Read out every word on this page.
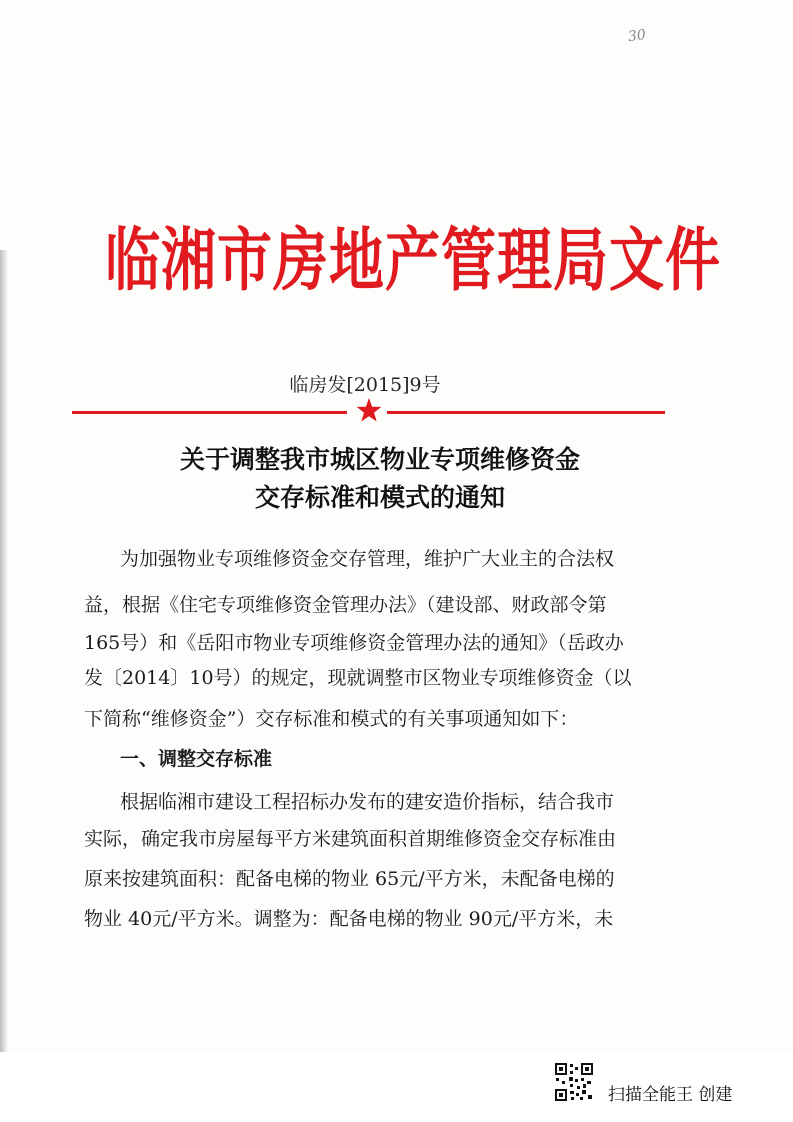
30
临湘市房地产管理局文件
临房发[2015]9号
关于调整我市城区物业专项维修资金
交存标准和模式的通知
为加强物业专项维修资金交存管理，维护广大业主的合法权
益，根据《住宅专项维修资金管理办法》（建设部、财政部令第
165号）和《岳阳市物业专项维修资金管理办法的通知》（岳政办
发〔2014〕10号）的规定，现就调整市区物业专项维修资金（以
下简称“维修资金”）交存标准和模式的有关事项通知如下：
一、调整交存标准
根据临湘市建设工程招标办发布的建安造价指标，结合我市
实际，确定我市房屋每平方米建筑面积首期维修资金交存标准由
原来按建筑面积：配备电梯的物业 65元/平方米，未配备电梯的
物业 40元/平方米。调整为：配备电梯的物业 90元/平方米，未
扫描全能王 创建
